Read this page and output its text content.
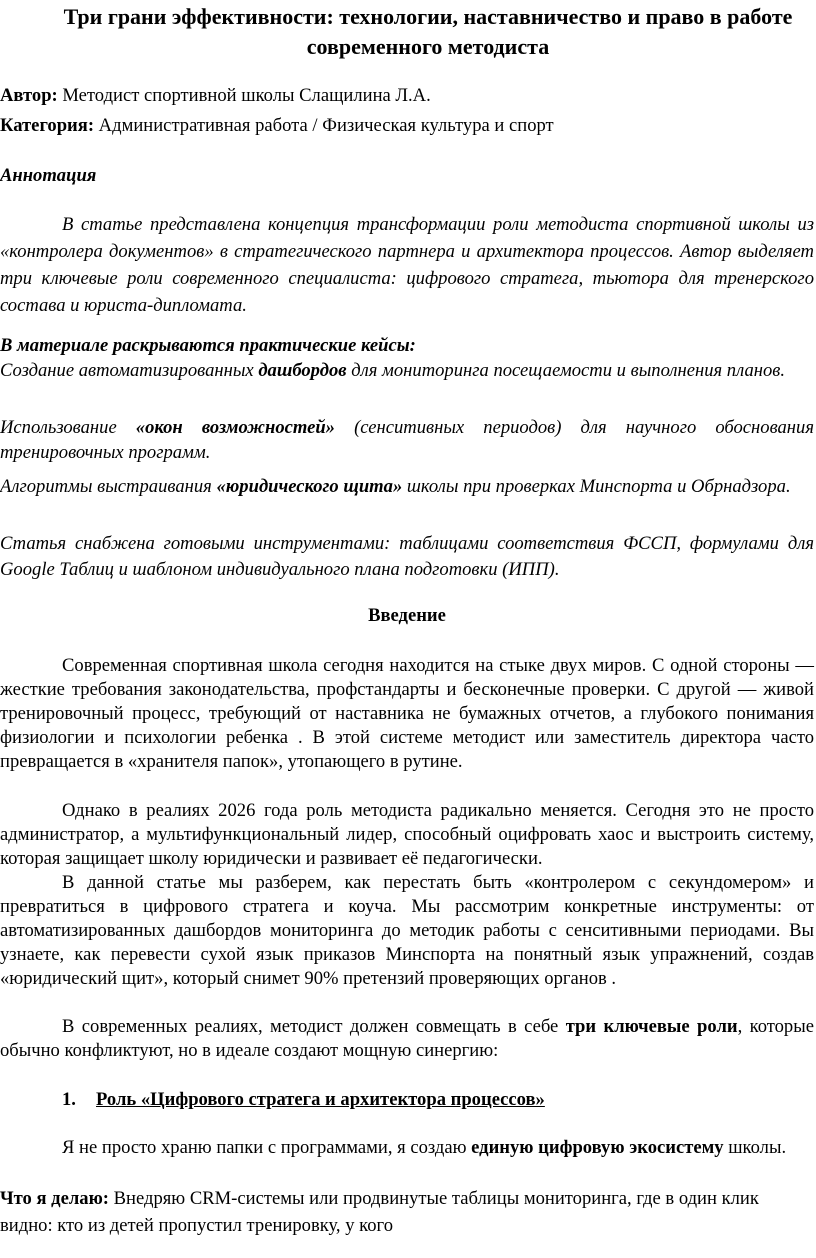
Три грани эффективности: технологии, наставничество и право в работе современного методиста

Автор: Методист спортивной школы Слащилина Л.А.

Категория: Административная работа / Физическая культура и спорт

Аннотация

В статье представлена концепция трансформации роли методиста спортивной школы из «контролера документов» в стратегического партнера и архитектора процессов. Автор выделяет три ключевые роли современного специалиста: цифрового стратега, тьютора для тренерского состава и юриста-дипломата.

В материале раскрываются практические кейсы:

Создание автоматизированных дашбордов для мониторинга посещаемости и выполнения планов.

Использование «окон возможностей» (сенситивных периодов) для научного обоснования тренировочных программ.

Алгоритмы выстраивания «юридического щита» школы при проверках Минспорта и Обрнадзора.

Статья снабжена готовыми инструментами: таблицами соответствия ФССП, формулами для Google Таблиц и шаблоном индивидуального плана подготовки (ИПП).

Введение

Современная спортивная школа сегодня находится на стыке двух миров. С одной стороны — жесткие требования законодательства, профстандарты и бесконечные проверки. С другой — живой тренировочный процесс, требующий от наставника не бумажных отчетов, а глубокого понимания физиологии и психологии ребенка . В этой системе методист или заместитель директора часто превращается в «хранителя папок», утопающего в рутине.

Однако в реалиях 2026 года роль методиста радикально меняется. Сегодня это не просто администратор, а мультифункциональный лидер, способный оцифровать хаос и выстроить систему, которая защищает школу юридически и развивает её педагогически.

В данной статье мы разберем, как перестать быть «контролером с секундомером» и превратиться в цифрового стратега и коуча. Мы рассмотрим конкретные инструменты: от автоматизированных дашбордов мониторинга до методик работы с сенситивными периодами. Вы узнаете, как перевести сухой язык приказов Минспорта на понятный язык упражнений, создав «юридический щит», который снимет 90% претензий проверяющих органов .

В современных реалиях, методист должен совмещать в себе три ключевые роли, которые обычно конфликтуют, но в идеале создают мощную синергию:

1. Роль «Цифрового стратега и архитектора процессов»

Я не просто храню папки с программами, я создаю единую цифровую экосистему школы.

Что я делаю: Внедряю CRM-системы или продвинутые таблицы мониторинга, где в один клик видно: кто из детей пропустил тренировку, у кого
